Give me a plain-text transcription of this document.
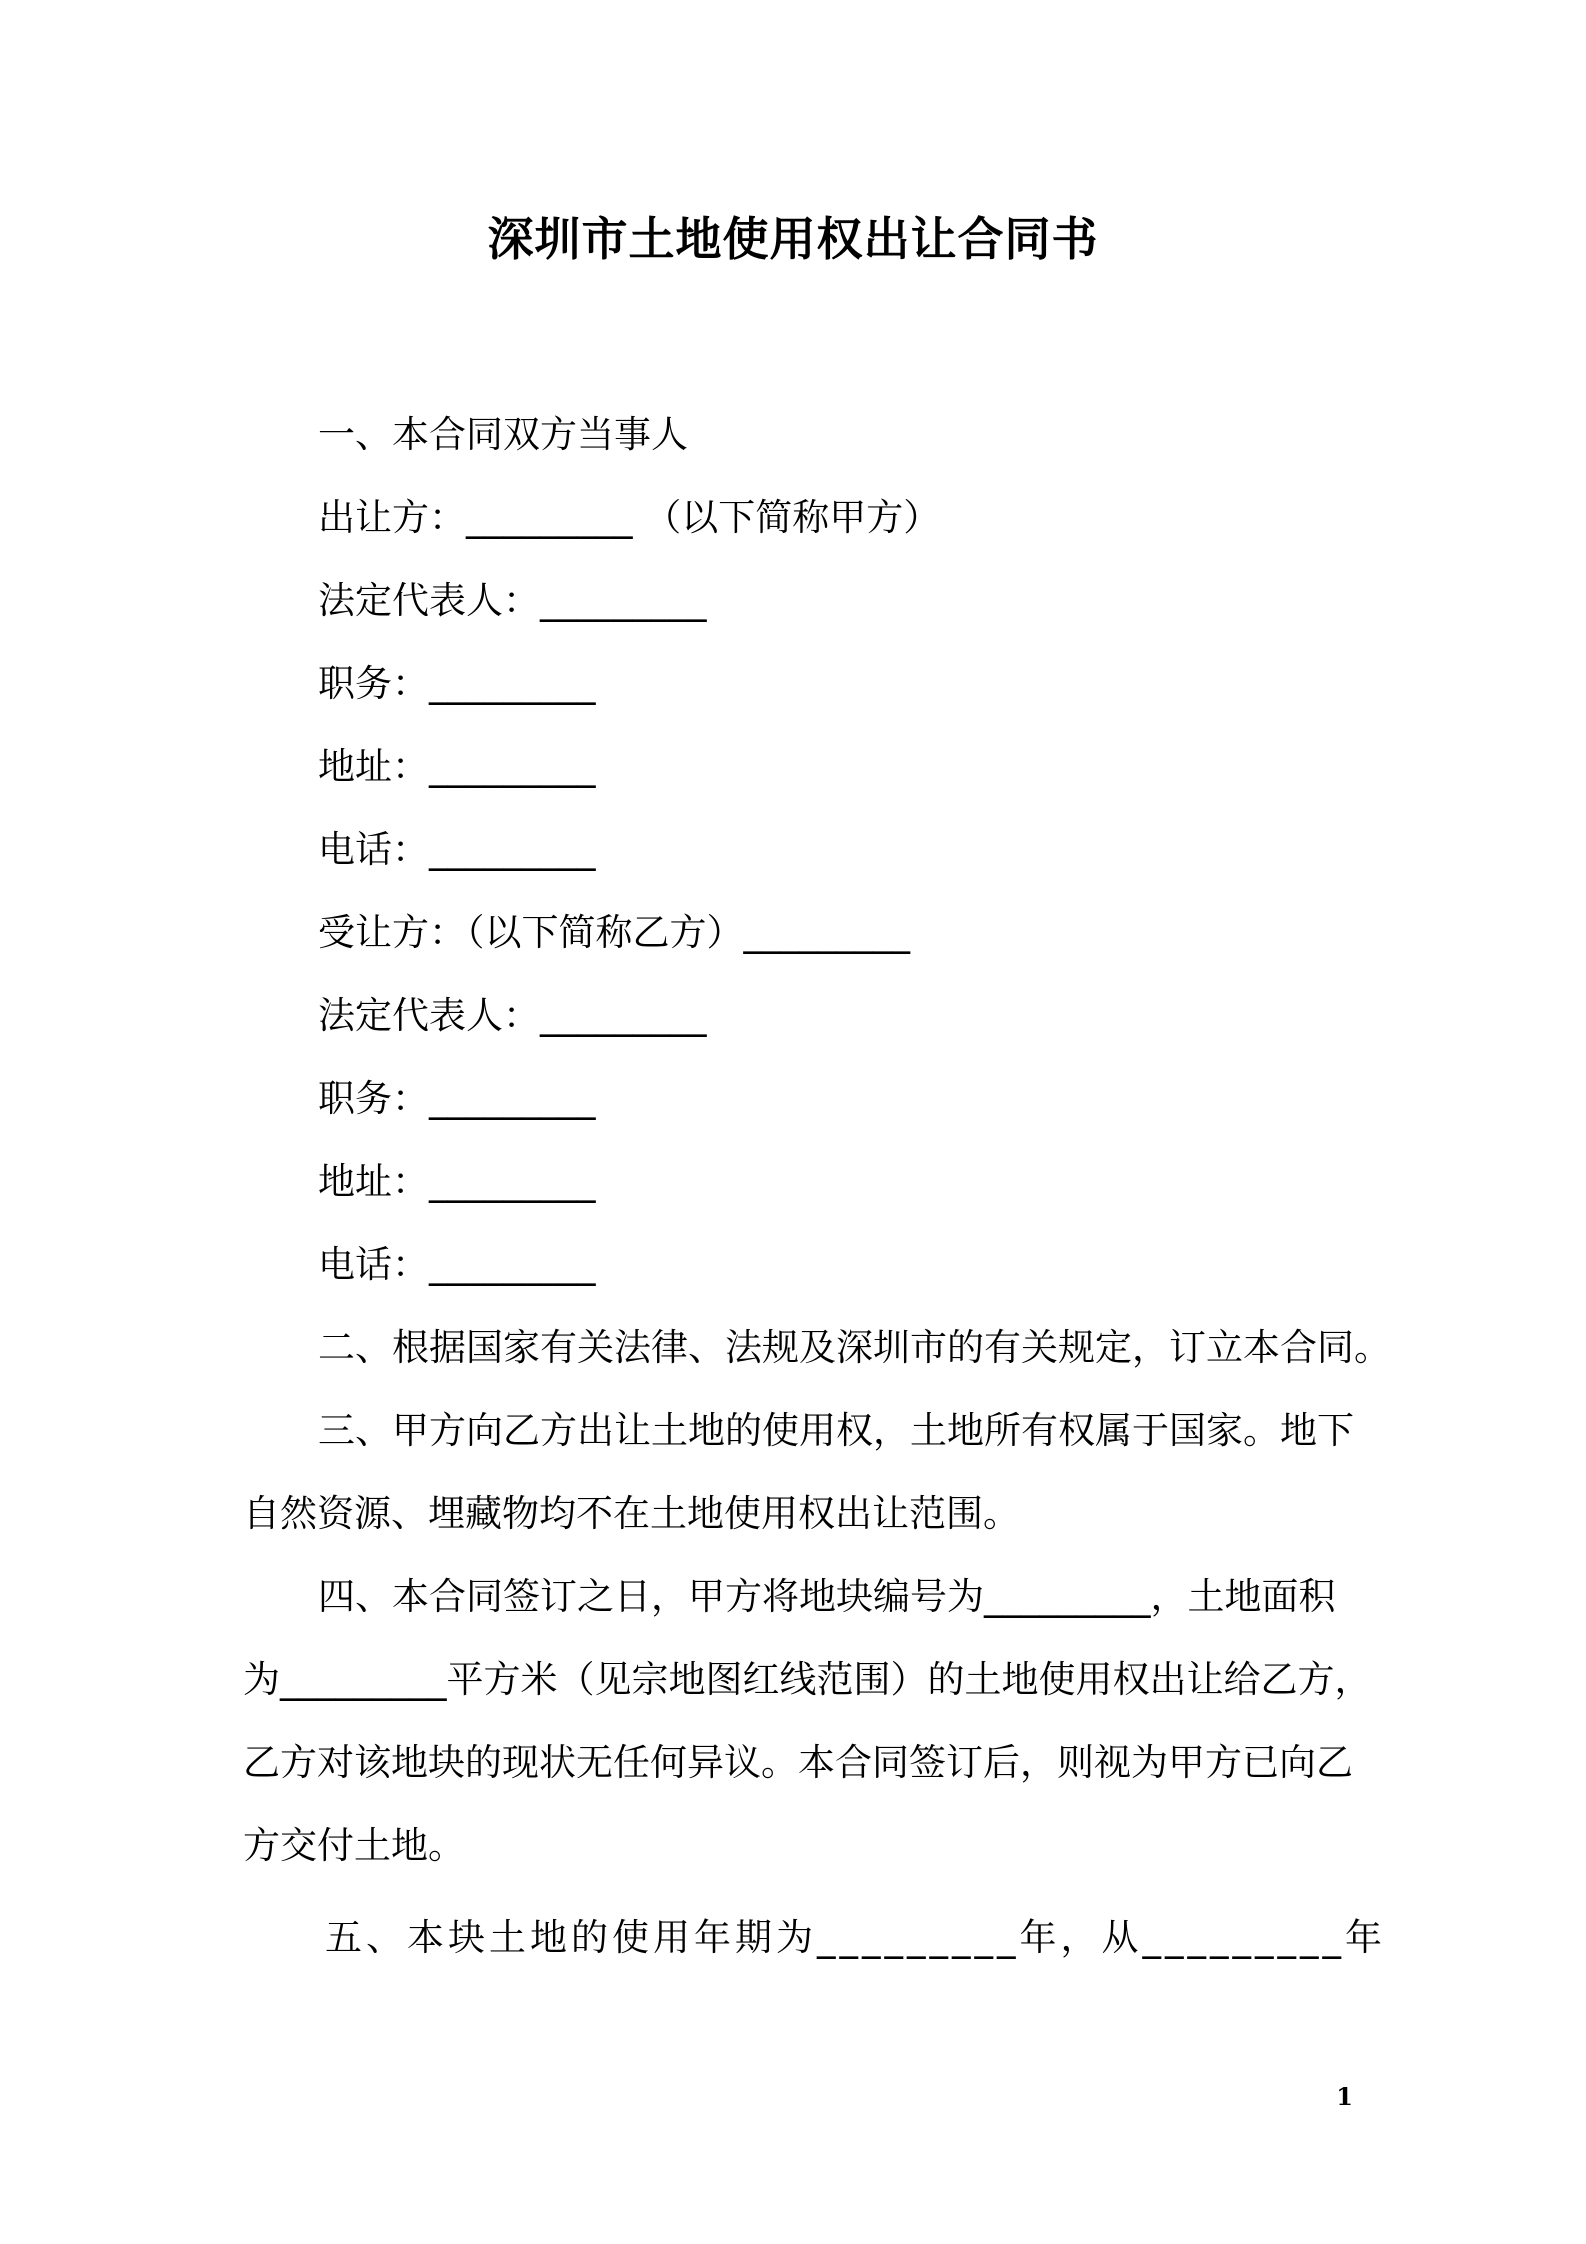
深圳市土地使用权出让合同书
一、本合同双方当事人
出让方：_________ （以下简称甲方）
法定代表人：_________
职务：_________
地址：_________
电话：_________
受让方：（以下简称乙方）_________
法定代表人：_________
职务：_________
地址：_________
电话：_________
二、根据国家有关法律、法规及深圳市的有关规定，订立本合同。
三、甲方向乙方出让土地的使用权，土地所有权属于国家。地下
自然资源、埋藏物均不在土地使用权出让范围。
四、本合同签订之日，甲方将地块编号为_________，土地面积
为_________平方米（见宗地图红线范围）的土地使用权出让给乙方，
乙方对该地块的现状无任何异议。本合同签订后，则视为甲方已向乙
方交付土地。
五、本块土地的使用年期为_________年，从_________年
1
